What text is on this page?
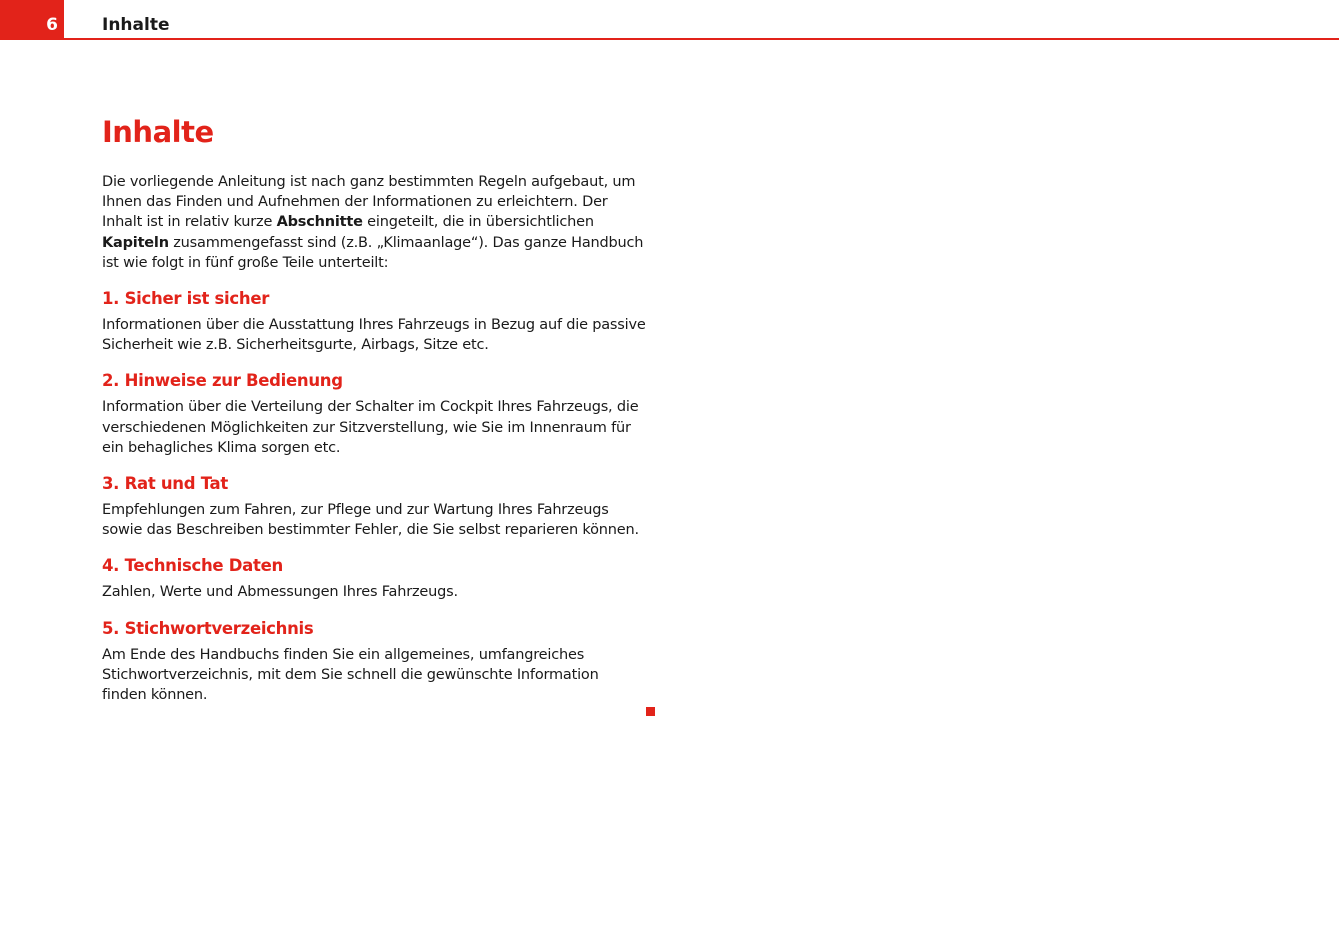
6	Inhalte
Inhalte

Die vorliegende Anleitung ist nach ganz bestimmten Regeln aufgebaut, um Ihnen das Finden und Aufnehmen der Informationen zu erleichtern. Der Inhalt ist in relativ kurze Abschnitte eingeteilt, die in übersichtlichen Kapiteln zusammengefasst sind (z.B. „Klimaanlage“). Das ganze Handbuch ist wie folgt in fünf große Teile unterteilt:

1. Sicher ist sicher

Informationen über die Ausstattung Ihres Fahrzeugs in Bezug auf die passive Sicherheit wie z.B. Sicherheitsgurte, Airbags, Sitze etc.

2. Hinweise zur Bedienung

Information über die Verteilung der Schalter im Cockpit Ihres Fahrzeugs, die verschiedenen Möglichkeiten zur Sitzverstellung, wie Sie im Innenraum für ein behagliches Klima sorgen etc.

3. Rat und Tat

Empfehlungen zum Fahren, zur Pflege und zur Wartung Ihres Fahrzeugs sowie das Beschreiben bestimmter Fehler, die Sie selbst reparieren können.

4. Technische Daten

Zahlen, Werte und Abmessungen Ihres Fahrzeugs.

5. Stichwortverzeichnis

Am Ende des Handbuchs finden Sie ein allgemeines, umfangreiches Stichwortverzeichnis, mit dem Sie schnell die gewünschte Information finden können.
